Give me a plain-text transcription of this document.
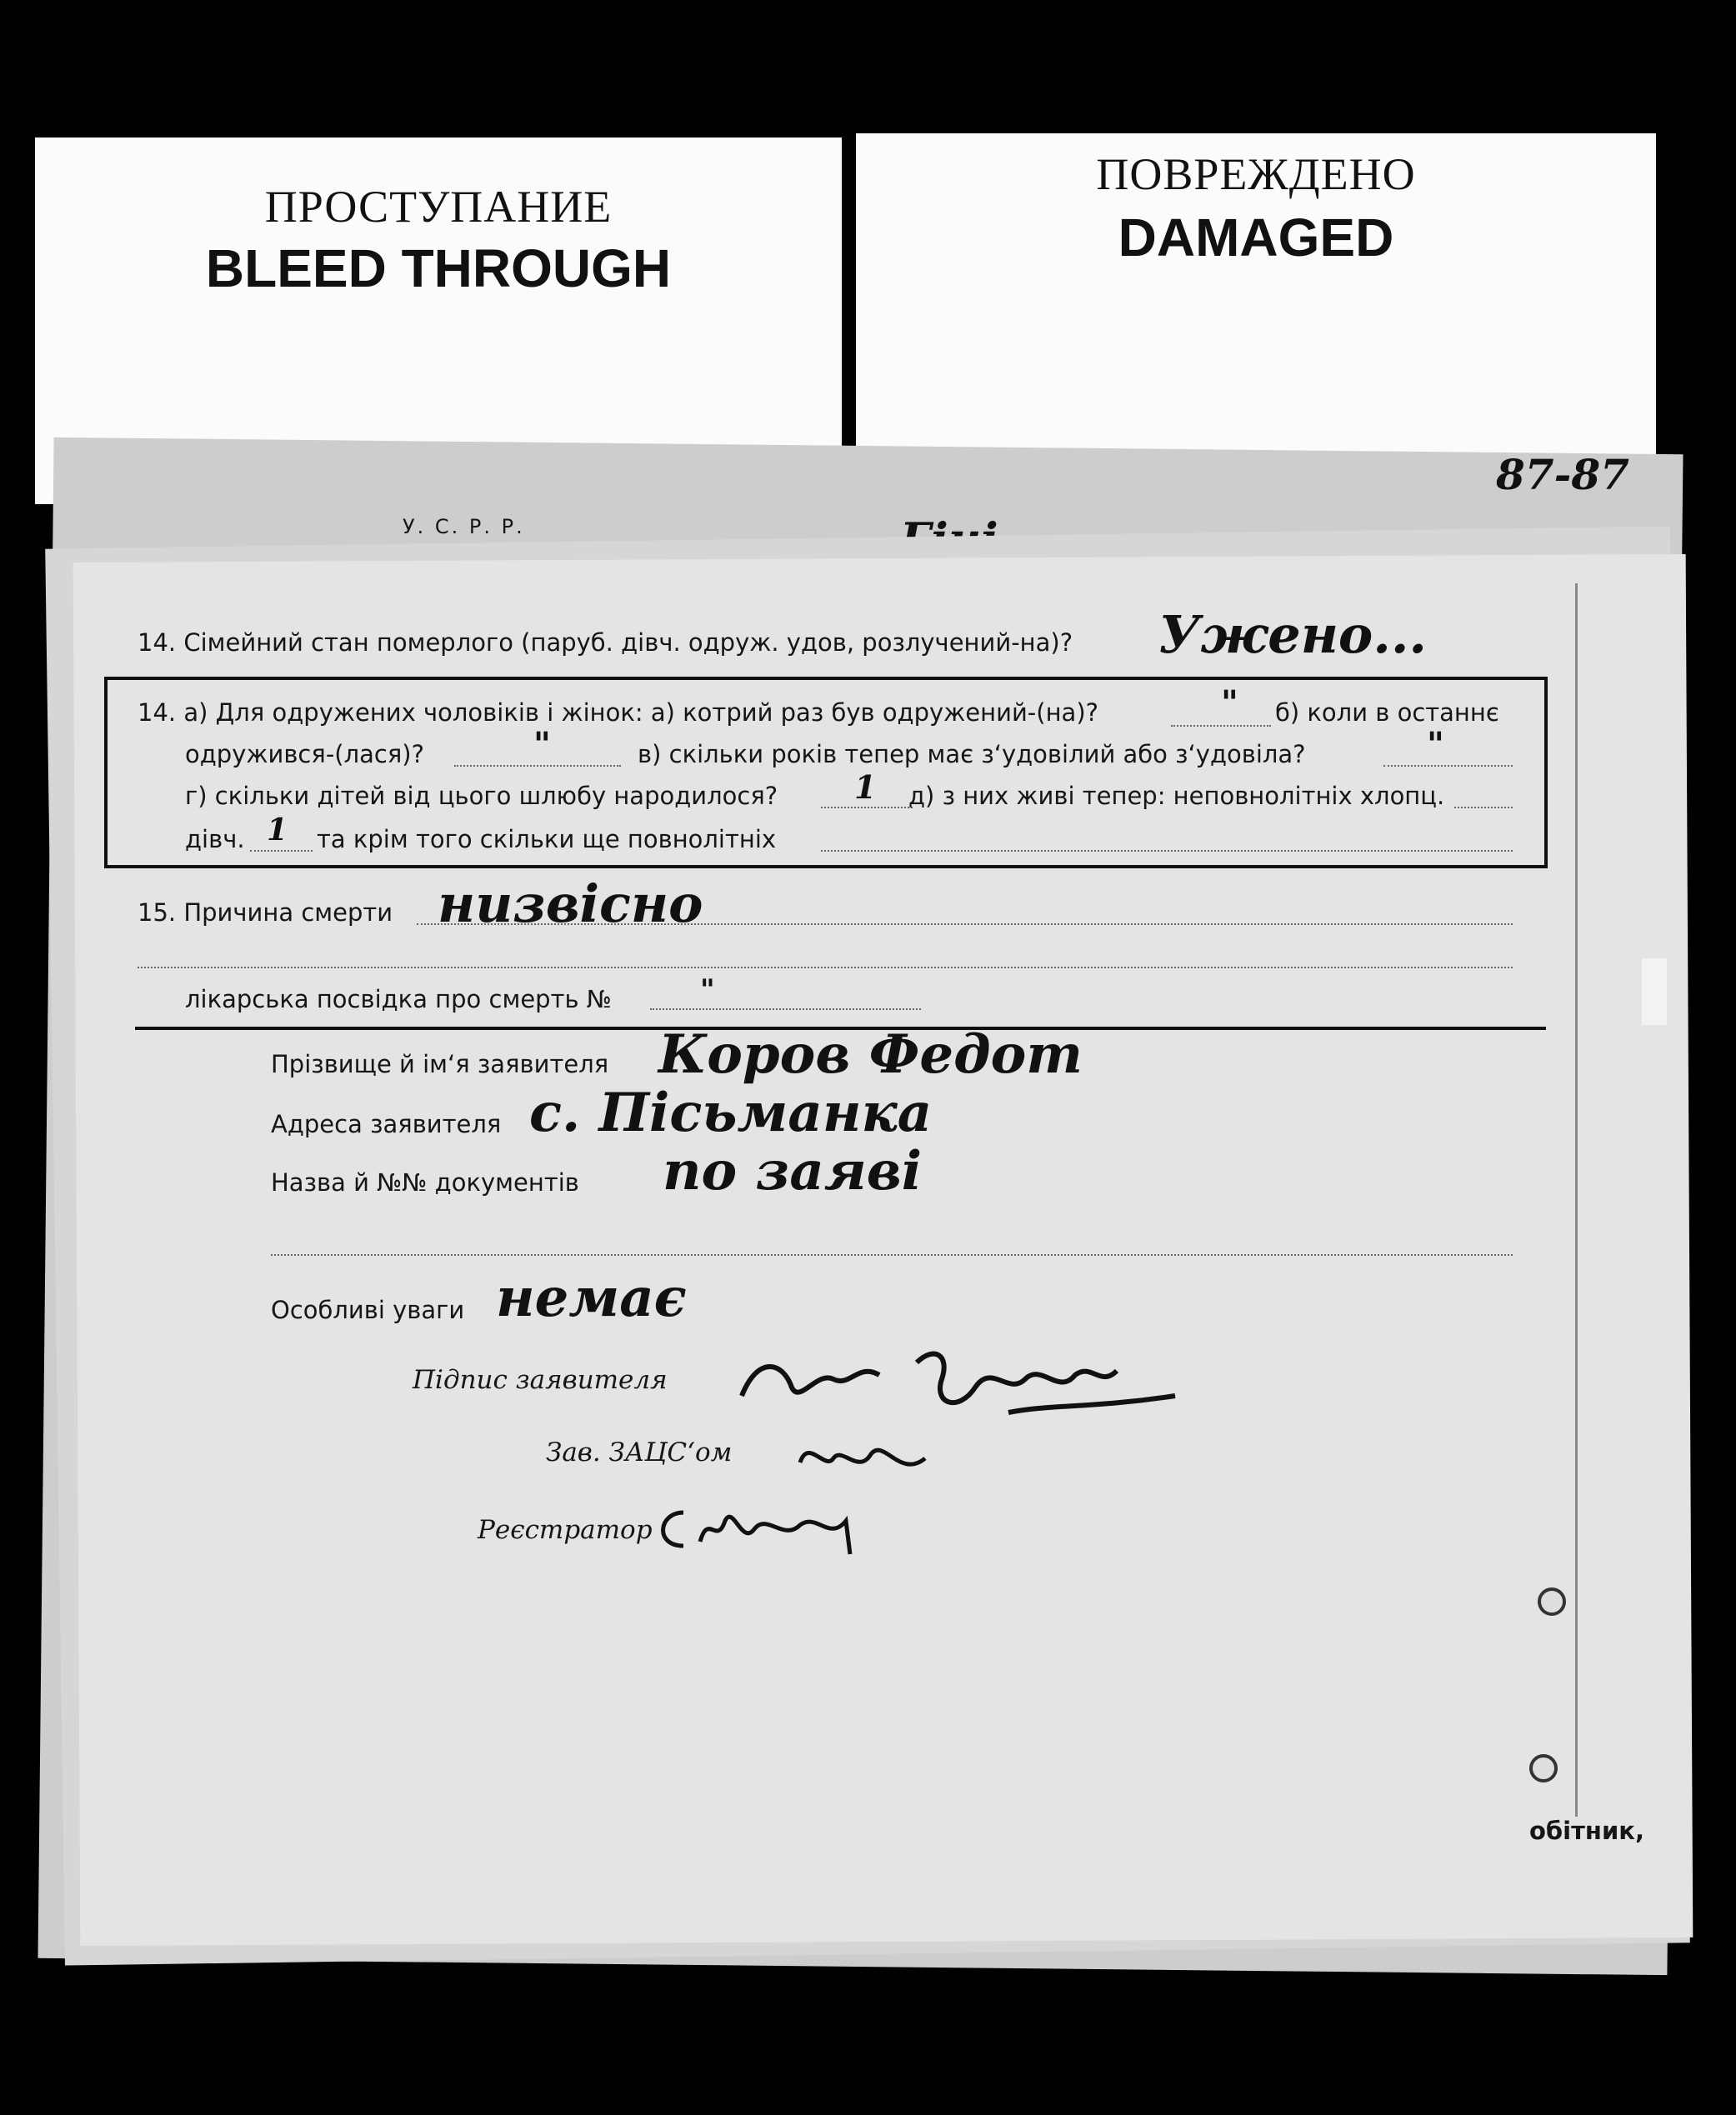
ПРОСТУПАНИЕ
BLEED THROUGH
ПОВРЕЖДЕНО
DAMAGED
У. С. Р. Р.
87-87
14. Сімейний стан померлого (паруб. дівч. одруж. удов, розлучений-на)? Ужено...
14. а) Для одружених чоловіків і жінок: а) котрий раз був одружений-(на)?	" б) коли в останнє
одружився-(лася)?	"	в) скільки років тепер має з‘удовілий або з‘удовіла?	"
г) скільки дітей від цього шлюбу народилося? 1 д) з них живі тепер: неповнолітніх хлопц.
дівч. 1 та крім того скільки ще повнолітніх
15. Причина смерти низвісно
лікарська посвідка про смерть №	"
Прізвище й ім‘я заявителя Коров Федот
Адреса заявителя с. Пісьманка
Назва й №№ документів по заяві
Особливі уваги немає
Підпис заявителя
Зав. ЗАЦС‘ом
Реєстратор
обітник,
